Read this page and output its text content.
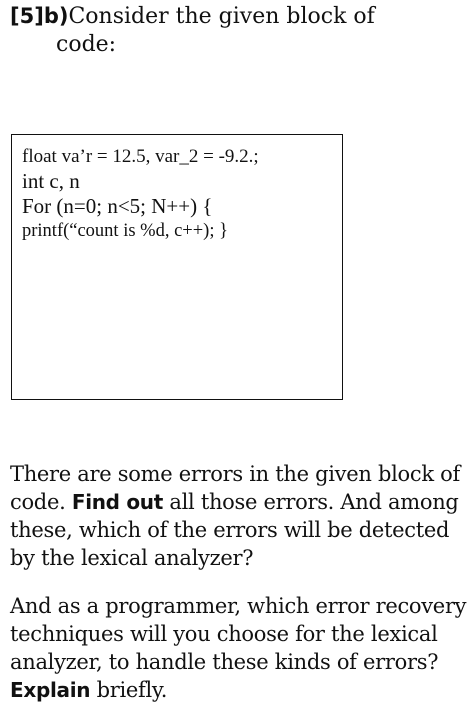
[5]b)Consider the given block of
code:
float va’r = 12.5, var_2 = -9.2.;
int c, n
For (n=0; n<5; N++) {
printf(“count is %d, c++); }

There are some errors in the given block of code. Find out all those errors. And among these, which of the errors will be detected by the lexical analyzer?

And as a programmer, which error recovery techniques will you choose for the lexical analyzer, to handle these kinds of errors? Explain briefly.
